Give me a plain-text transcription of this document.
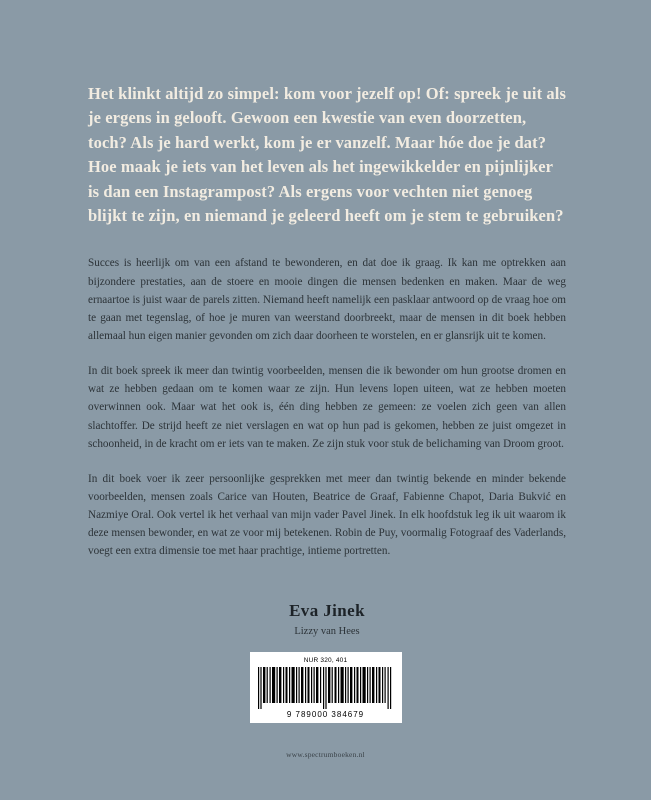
Het klinkt altijd zo simpel: kom voor jezelf op! Of: spreek je uit als je ergens in gelooft. Gewoon een kwestie van even doorzetten, toch? Als je hard werkt, kom je er vanzelf. Maar hóe doe je dat? Hoe maak je iets van het leven als het ingewikkelder en pijnlijker is dan een Instagrampost? Als ergens voor vechten niet genoeg blijkt te zijn, en niemand je geleerd heeft om je stem te gebruiken?

Succes is heerlijk om van een afstand te bewonderen, en dat doe ik graag. Ik kan me optrekken aan bijzondere prestaties, aan de stoere en mooie dingen die mensen bedenken en maken. Maar de weg ernaartoe is juist waar de parels zitten. Niemand heeft namelijk een pasklaar antwoord op de vraag hoe om te gaan met tegenslag, of hoe je muren van weerstand doorbreekt, maar de mensen in dit boek hebben allemaal hun eigen manier gevonden om zich daar doorheen te worstelen, en er glansrijk uit te komen.

In dit boek spreek ik meer dan twintig voorbeelden, mensen die ik bewonder om hun grootse dromen en wat ze hebben gedaan om te komen waar ze zijn. Hun levens lopen uiteen, wat ze hebben moeten overwinnen ook. Maar wat het ook is, één ding hebben ze gemeen: ze voelen zich geen van allen slachtoffer. De strijd heeft ze niet verslagen en wat op hun pad is gekomen, hebben ze juist omgezet in schoonheid, in de kracht om er iets van te maken. Ze zijn stuk voor stuk de belichaming van Droom groot.

In dit boek voer ik zeer persoonlijke gesprekken met meer dan twintig bekende en minder bekende voorbeelden, mensen zoals Carice van Houten, Beatrice de Graaf, Fabienne Chapot, Daria Bukvić en Nazmiye Oral. Ook vertel ik het verhaal van mijn vader Pavel Jinek. In elk hoofdstuk leg ik uit waarom ik deze mensen bewonder, en wat ze voor mij betekenen. Robin de Puy, voormalig Fotograaf des Vaderlands, voegt een extra dimensie toe met haar prachtige, intieme portretten.

Eva Jinek

Lizzy van Hees

NUR 320, 401

9 789000 384679

www.spectrumboeken.nl
